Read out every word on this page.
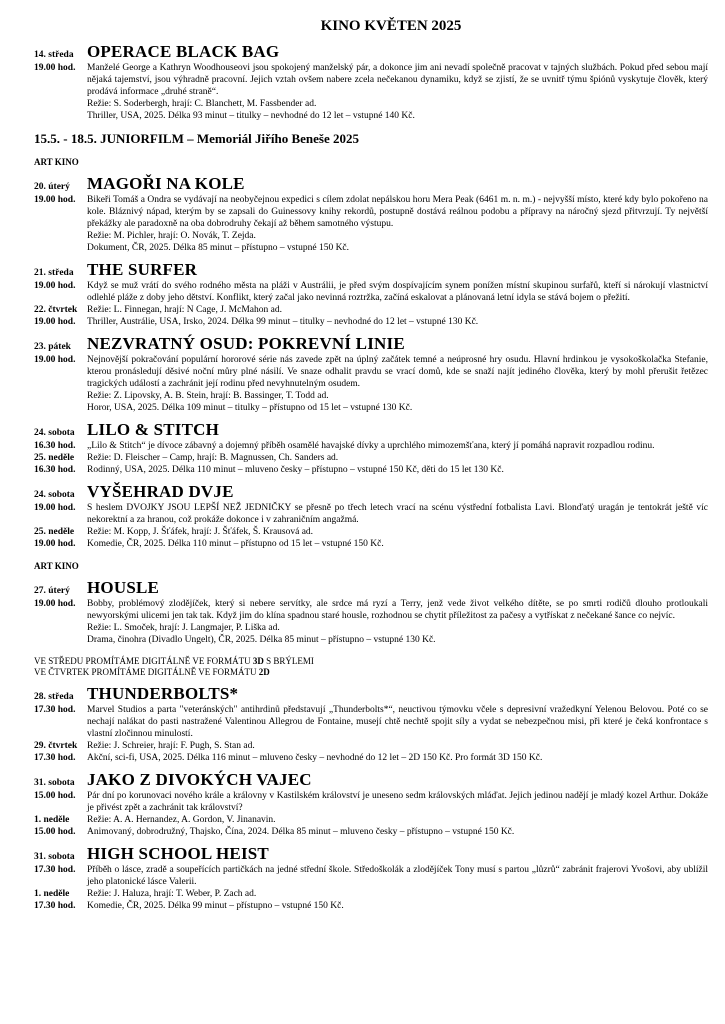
KINO KVĚTEN 2025
14. středa OPERACE BLACK BAG
19.00 hod.	Manželé George a Kathryn Woodhouseovi jsou spokojený manželský pár, a dokonce jim ani nevadí společně pracovat v tajných službách. Pokud před sebou mají nějaká tajemství, jsou výhradně pracovní. Jejich vztah ovšem nabere zcela nečekanou dynamiku, když se zjistí, že se uvnitř týmu špiónů vyskytuje člověk, který prodává informace „druhé straně“.
Režie: S. Soderbergh, hrají: C. Blanchett, M. Fassbender ad.
Thriller, USA, 2025. Délka 93 minut – titulky – nevhodné do 12 let – vstupné 140 Kč.
15.5. - 18.5. JUNIORFILM – Memoriál Jiřího Beneše 2025
ART KINO
20. úterý	MAGOŘI NA KOLE
19.00 hod.	Bikeři Tomáš a Ondra se vydávají na neobyčejnou expedici s cílem zdolat nepálskou horu Mera Peak (6461 m. n. m.) - nejvyšší místo, které kdy bylo pokořeno na kole. Bláznivý nápad, kterým by se zapsali do Guinessovy knihy rekordů, postupně dostává reálnou podobu a přípravy na náročný sjezd přitvrzují. Ty největší překážky ale paradoxně na oba dobrodruhy čekají až během samotného výstupu.
Režie: M. Pichler, hrají: O. Novák, T. Zejda.
Dokument, ČR, 2025. Délka 85 minut – přístupno – vstupné 150 Kč.
21. středa THE SURFER
19.00 hod.	Když se muž vrátí do svého rodného města na pláži v Austrálii, je před svým dospívajícím synem ponížen místní skupinou surfařů, kteří si nárokují vlastnictví odlehlé pláže z doby jeho dětství. Konflikt, který začal jako nevinná roztržka, začíná eskalovat a plánovaná letní idyla se stává bojem o přežití.
22. čtvrtek	Režie: L. Finnegan, hrají: N Cage, J. McMahon ad.
19.00 hod.	Thriller, Austrálie, USA, Irsko, 2024. Délka 99 minut – titulky – nevhodné do 12 let – vstupné 130 Kč.
23. pátek NEZVRATNÝ OSUD: POKREVNÍ LINIE
19.00 hod.	Nejnovější pokračování populární hororové série nás zavede zpět na úplný začátek temné a neúprosné hry osudu. Hlavní hrdinkou je vysokoškolačka Stefanie, kterou pronásledují děsivé noční můry plné násilí. Ve snaze odhalit pravdu se vrací domů, kde se snaží najít jediného člověka, který by mohl přerušit řetězec tragických událostí a zachránit její rodinu před nevyhnutelným osudem.
Režie: Z. Lipovsky, A. B. Stein, hrají: B. Bassinger, T. Todd ad.
Horor, USA, 2025. Délka 109 minut – titulky – přístupno od 15 let – vstupné 130 Kč.
24. sobota LILO & STITCH
16.30 hod.	„Lilo & Stitch“ je dívoce zábavný a dojemný příběh osamělé havajské dívky a uprchlého mimozemšťana, který jí pomáhá napravit rozpadlou rodinu.
25. neděle	Režie: D. Fleischer – Camp, hrají: B. Magnussen, Ch. Sanders ad.
16.30 hod.	Rodinný, USA, 2025. Délka 110 minut – mluveno česky – přístupno – vstupné 150 Kč, děti do 15 let 130 Kč.
24. sobota VYŠEHRAD DVJE
19.00 hod.	S heslem DVOJKY JSOU LEPŠÍ NEŽ JEDNIČKY se přesně po třech letech vrací na scénu výstřední fotbalista Lavi. Blonďatý uragán je tentokrát ještě víc nekorektní a za hranou, což prokáže dokonce i v zahraničním angažmá.
25. neděle	Režie: M. Kopp, J. Šťáfek, hrají: J. Šťáfek, Š. Krausová ad.
19.00 hod.	Komedie, ČR, 2025. Délka 110 minut – přístupno od 15 let – vstupné 150 Kč.
ART KINO
27. úterý	HOUSLE
19.00 hod.	Bobby, problémový zlodějíček, který si nebere servítky, ale srdce má ryzí a Terry, jenž vede život velkého dítěte, se po smrti rodičů dlouho protloukali newyorskými ulicemi jen tak tak. Když jim do klína spadnou staré housle, rozhodnou se chytit příležitost za pačesy a vytřískat z nečekané šance co nejvíc.
Režie: L. Smoček, hrají: J. Langmajer, P. Liška ad.
Drama, činohra (Divadlo Ungelt), ČR, 2025. Délka 85 minut – přístupno – vstupné 130 Kč.
VE STŘEDU PROMÍTÁME DIGITÁLNĚ VE FORMÁTU 3D S BRÝLEMI
VE ČTVRTEK PROMÍTÁME DIGITÁLNĚ VE FORMÁTU 2D
28. středa THUNDERBOLTS*
17.30 hod.	Marvel Studios a parta "veteránských" antihrdinů představují „Thunderbolts*“, neuctivou týmovku včele s depresivní vražedkyní Yelenou Belovou. Poté co se nechají nalákat do pasti nastražené Valentinou Allegrou de Fontaine, musejí chtě nechtě spojit síly a vydat se nebezpečnou misi, při které je čeká konfrontace s vlastní zločinnou minulostí.
29. čtvrtek	Režie: J. Schreier, hrají: F. Pugh, S. Stan ad.
17.30 hod.	Akční, sci-fi, USA, 2025. Délka 116 minut – mluveno česky – nevhodné do 12 let – 2D 150 Kč. Pro formát 3D 150 Kč.
31. sobota JAKO Z DIVOKÝCH VAJEC
15.00 hod.	Pár dní po korunovaci nového krále a královny v Kastilském království je uneseno sedm královských mláďat. Jejich jedinou nadějí je mladý kozel Arthur. Dokáže je přivést zpět a zachránit tak království?
1. neděle	Režie: A. A. Hernandez, A. Gordon, V. Jinanavin.
15.00 hod.	Animovaný, dobrodružný, Thajsko, Čína, 2024. Délka 85 minut – mluveno česky – přístupno – vstupné 150 Kč.
31. sobota HIGH SCHOOL HEIST
17.30 hod.	Příběh o lásce, zradě a soupeřících partičkách na jedné střední škole. Středoškolák a zlodějíček Tony musí s partou „lůzrů“ zabránit frajerovi Yvošovi, aby ublížil jeho platonické lásce Valerii.
1. neděle	Režie: J. Haluza, hrají: T. Weber, P. Zach ad.
17.30 hod.	Komedie, ČR, 2025. Délka 99 minut – přístupno – vstupné 150 Kč.
